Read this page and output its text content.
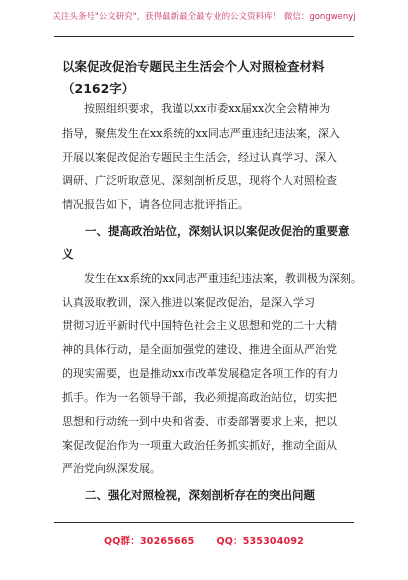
关注头条号"公文研究"，获得最新最全最专业的公文资料库！ 微信：gongwenyj
以案促改促治专题民主生活会个人对照检查材料（2162字）
　　按照组织要求，我谨以xx市委xx届xx次全会精神为
指导，聚焦发生在xx系统的xx同志严重违纪违法案，深入
开展以案促改促治专题民主生活会，经过认真学习、深入
调研、广泛听取意见、深刻剖析反思，现将个人对照检查
情况报告如下，请各位同志批评指正。
　　一、提高政治站位，深刻认识以案促改促治的重要意
义
　　发生在xx系统的xx同志严重违纪违法案，教训极为深刻。
认真汲取教训，深入推进以案促改促治，是深入学习
贯彻习近平新时代中国特色社会主义思想和党的二十大精
神的具体行动，是全面加强党的建设、推进全面从严治党
的现实需要，也是推动xx市改革发展稳定各项工作的有力
抓手。作为一名领导干部，我必须提高政治站位，切实把
思想和行动统一到中央和省委、市委部署要求上来，把以
案促改促治作为一项重大政治任务抓实抓好，推动全面从
严治党向纵深发展。
　　二、强化对照检视，深刻剖析存在的突出问题
QQ群：30265665 QQ：535304092
